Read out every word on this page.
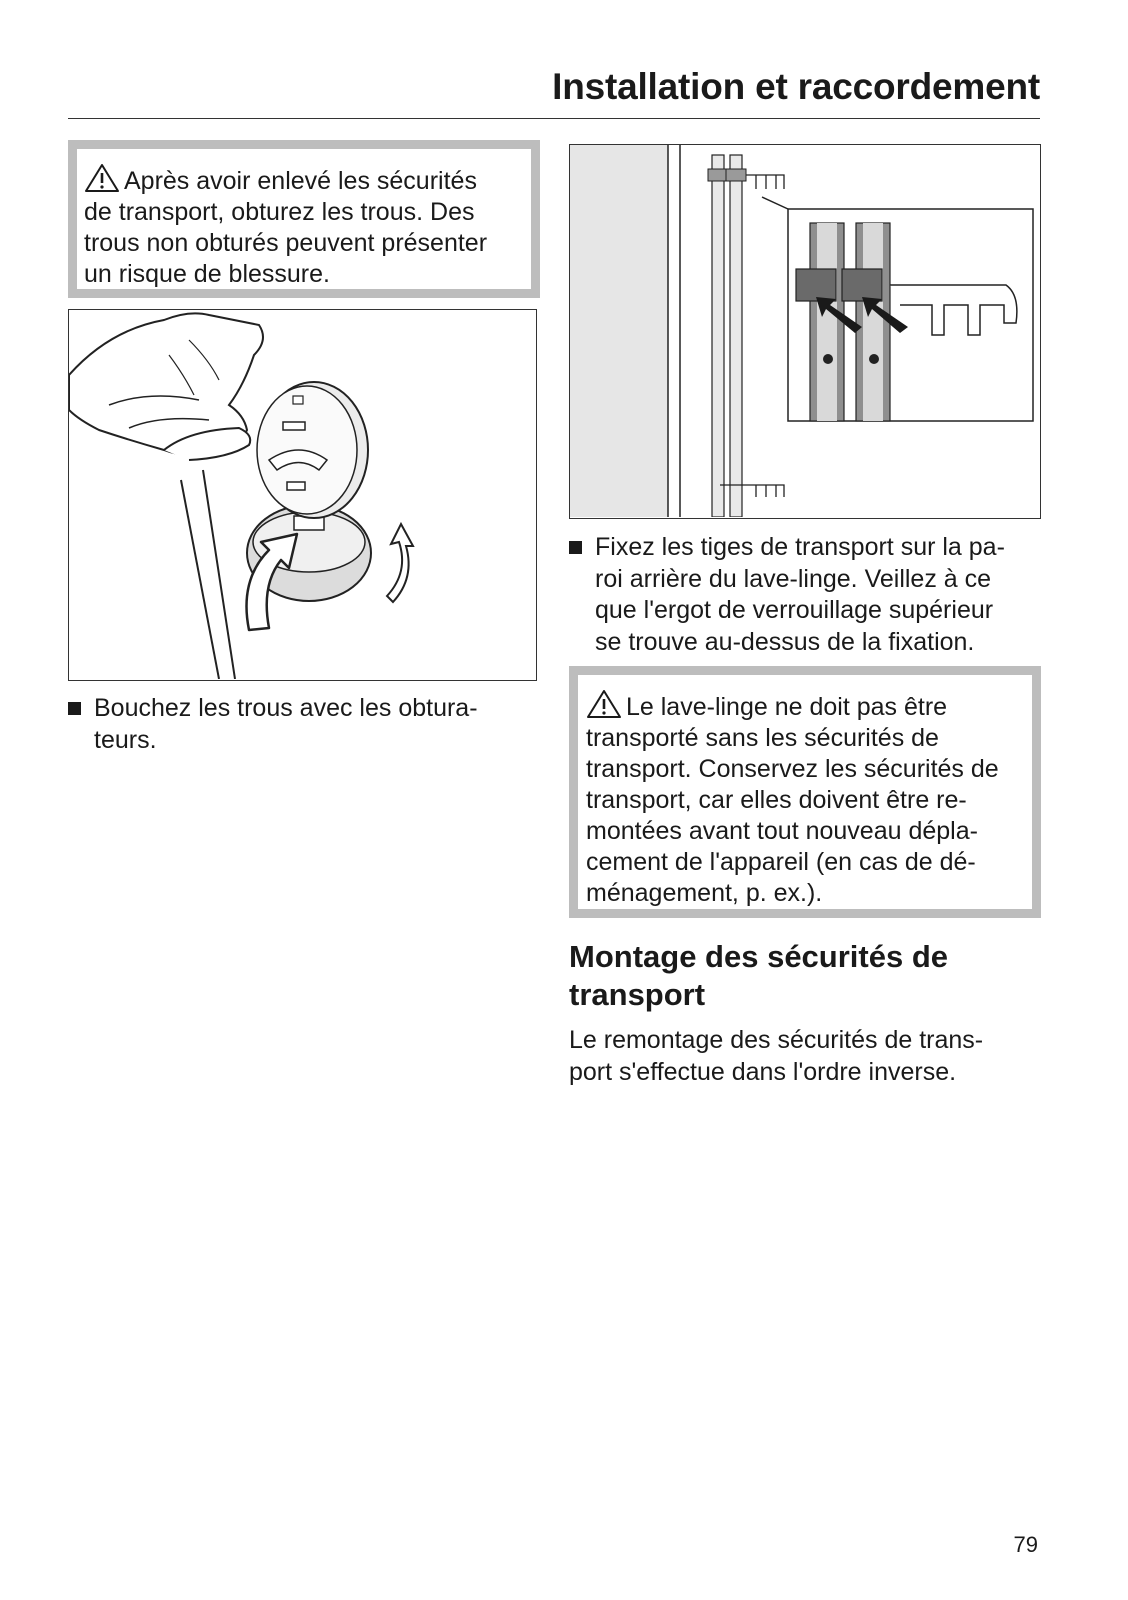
Installation et raccordement

Après avoir enlevé les sécurités
de transport, obturez les trous. Des
trous non obturés peuvent présenter
un risque de blessure.

Bouchez les trous avec les obtura-
teurs.
Fixez les tiges de transport sur la pa-
roi arrière du lave-linge. Veillez à ce
que l'ergot de verrouillage supérieur
se trouve au-dessus de la fixation.

Le lave-linge ne doit pas être
transporté sans les sécurités de
transport. Conservez les sécurités de
transport, car elles doivent être re-
montées avant tout nouveau dépla-
cement de l'appareil (en cas de dé-
ménagement, p. ex.).

Montage des sécurités de
transport

Le remontage des sécurités de trans-
port s'effectue dans l'ordre inverse.

79
